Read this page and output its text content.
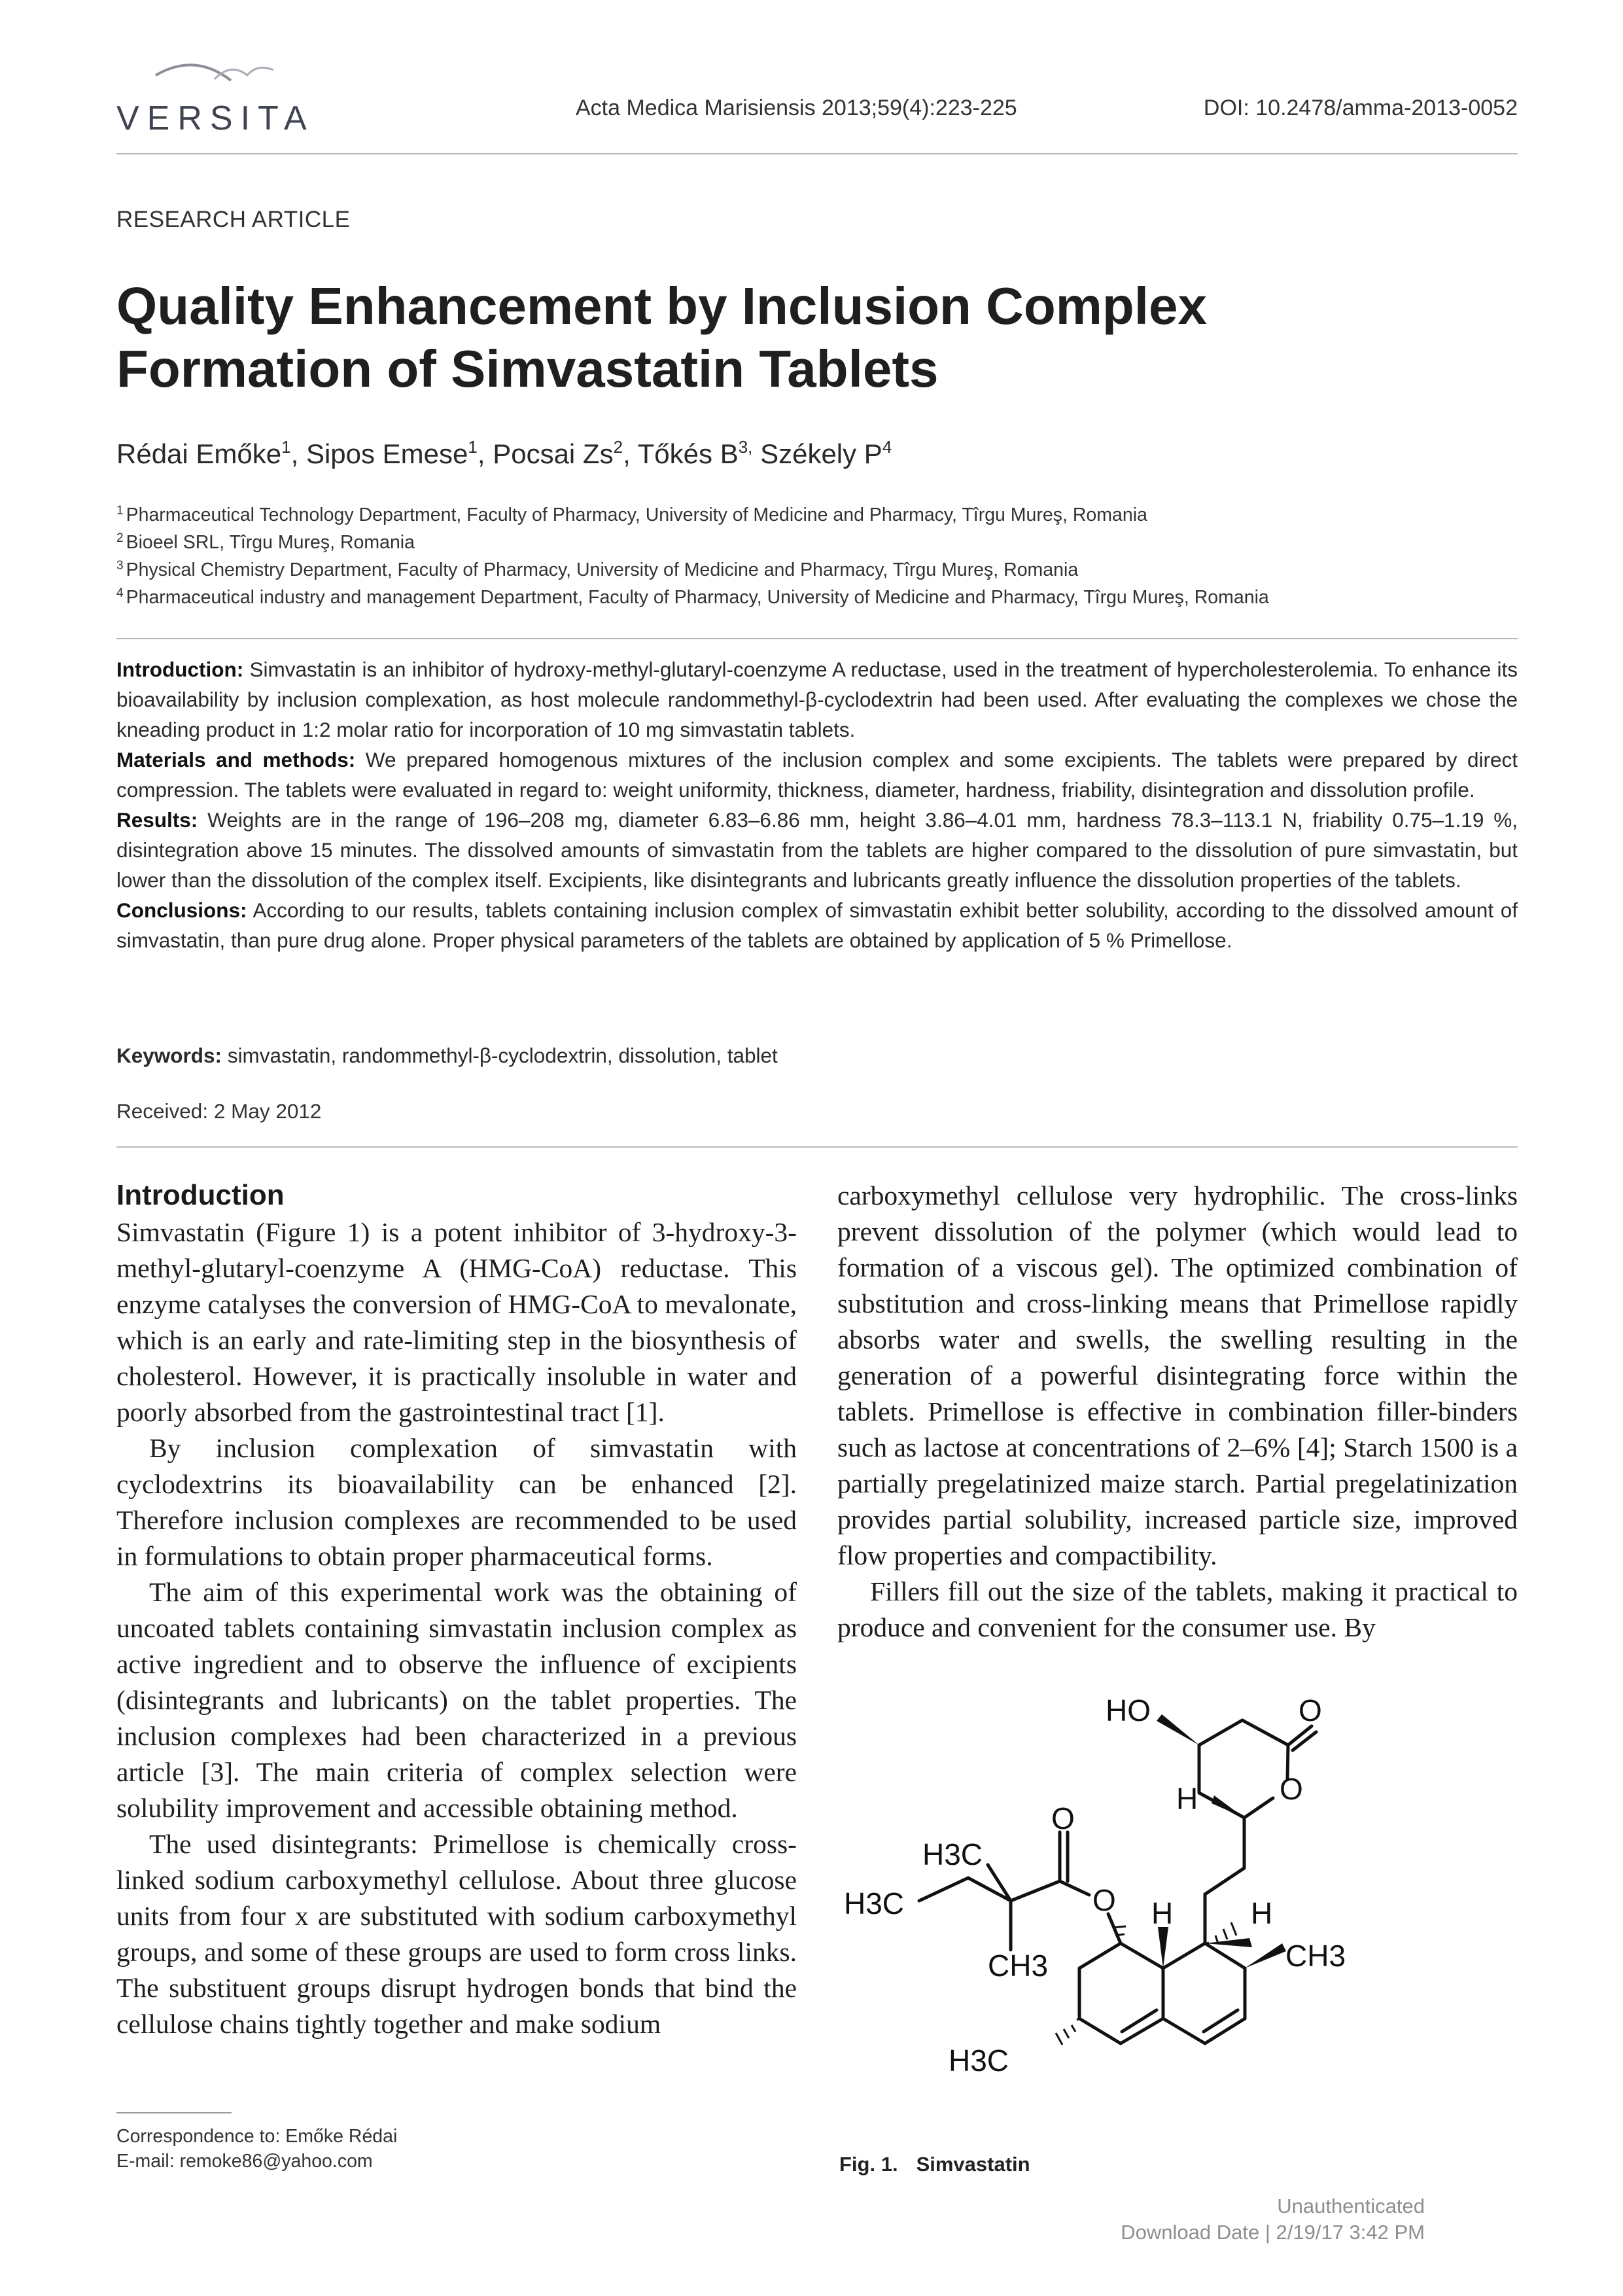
VERSITA	Acta Medica Marisiensis 2013;59(4):223-225	DOI: 10.2478/amma-2013-0052
RESEARCH ARTICLE
Quality Enhancement by Inclusion Complex Formation of Simvastatin Tablets
Rédai Emőke$^1$, Sipos Emese$^1$, Pocsai Zs$^2$, Tőkés $B^{3,}$ Székely $P^4$
$^1$ Pharmaceutical Technology Department, Faculty of Pharmacy, University of Medicine and Pharmacy, Tîrgu Mureş, Romania
$^2$ Bioeel SRL, Tîrgu Mureş, Romania
$^3$ Physical Chemistry Department, Faculty of Pharmacy, University of Medicine and Pharmacy, Tîrgu Mureş, Romania
$^4$ Pharmaceutical industry and management Department, Faculty of Pharmacy, University of Medicine and Pharmacy, Tîrgu Mureş, Romania

Introduction: Simvastatin is an inhibitor of hydroxy-methyl-glutaryl-coenzyme A reductase, used in the treatment of hypercholesterolemia. To enhance its bioavailability by inclusion complexation, as host molecule randommethyl-β-cyclodextrin had been used. After evaluating the complexes we chose the kneading product in 1:2 molar ratio for incorporation of 10 mg simvastatin tablets.

Materials and methods: We prepared homogenous mixtures of the inclusion complex and some excipients. The tablets were prepared by direct compression. The tablets were evaluated in regard to: weight uniformity, thickness, diameter, hardness, friability, disintegration and dissolution profile.

Results: Weights are in the range of 196–208 mg, diameter 6.83–6.86 mm, height 3.86–4.01 mm, hardness 78.3–113.1 N, friability 0.75–1.19 %, disintegration above 15 minutes. The dissolved amounts of simvastatin from the tablets are higher compared to the dissolution of pure simvastatin, but lower than the dissolution of the complex itself. Excipients, like disintegrants and lubricants greatly influence the dissolution properties of the tablets.

Conclusions: According to our results, tablets containing inclusion complex of simvastatin exhibit better solubility, according to the dissolved amount of simvastatin, than pure drug alone. Proper physical parameters of the tablets are obtained by application of 5 % Primellose.

Keywords: simvastatin, randommethyl-β-cyclodextrin, dissolution, tablet
Received: 2 May 2012
Introduction

Simvastatin (Figure 1) is a potent inhibitor of 3-hydroxy-3-methyl-glutaryl-coenzyme A (HMG-CoA) reductase. This enzyme catalyses the conversion of HMG-CoA to mevalonate, which is an early and rate-limiting step in the biosynthesis of cholesterol. However, it is practically insoluble in water and poorly absorbed from the gastrointestinal tract [1].

By inclusion complexation of simvastatin with cyclodextrins its bioavailability can be enhanced [2]. Therefore inclusion complexes are recommended to be used in formulations to obtain proper pharmaceutical forms.

The aim of this experimental work was the obtaining of uncoated tablets containing simvastatin inclusion complex as active ingredient and to observe the influence of excipients (disintegrants and lubricants) on the tablet properties. The inclusion complexes had been characterized in a previous article [3]. The main criteria of complex selection were solubility improvement and accessible obtaining method.

The used disintegrants: Primellose is chemically cross-linked sodium carboxymethyl cellulose. About three glucose units from four x are substituted with sodium carboxymethyl groups, and some of these groups are used to form cross links. The substituent groups disrupt hydrogen bonds that bind the cellulose chains tightly together and make sodium

carboxymethyl cellulose very hydrophilic. The cross-links prevent dissolution of the polymer (which would lead to formation of a viscous gel). The optimized combination of substitution and cross-linking means that Primellose rapidly absorbs water and swells, the swelling resulting in the generation of a powerful disintegrating force within the tablets. Primellose is effective in combination filler-binders such as lactose at concentrations of 2–6% [4]; Starch 1500 is a partially pregelatinized maize starch. Partial pregelatinization provides partial solubility, increased particle size, improved flow properties and compactibility.

Fillers fill out the size of the tablets, making it practical to produce and convenient for the consumer use. By

HO	O
O
H
O
O
H3C
H3C
CH3
H	H
CH3
H3C
Fig. 1. Simvastatin
Correspondence to: Emőke Rédai
E-mail: remoke86@yahoo.com
Unauthenticated
Download Date | 2/19/17 3:42 PM
